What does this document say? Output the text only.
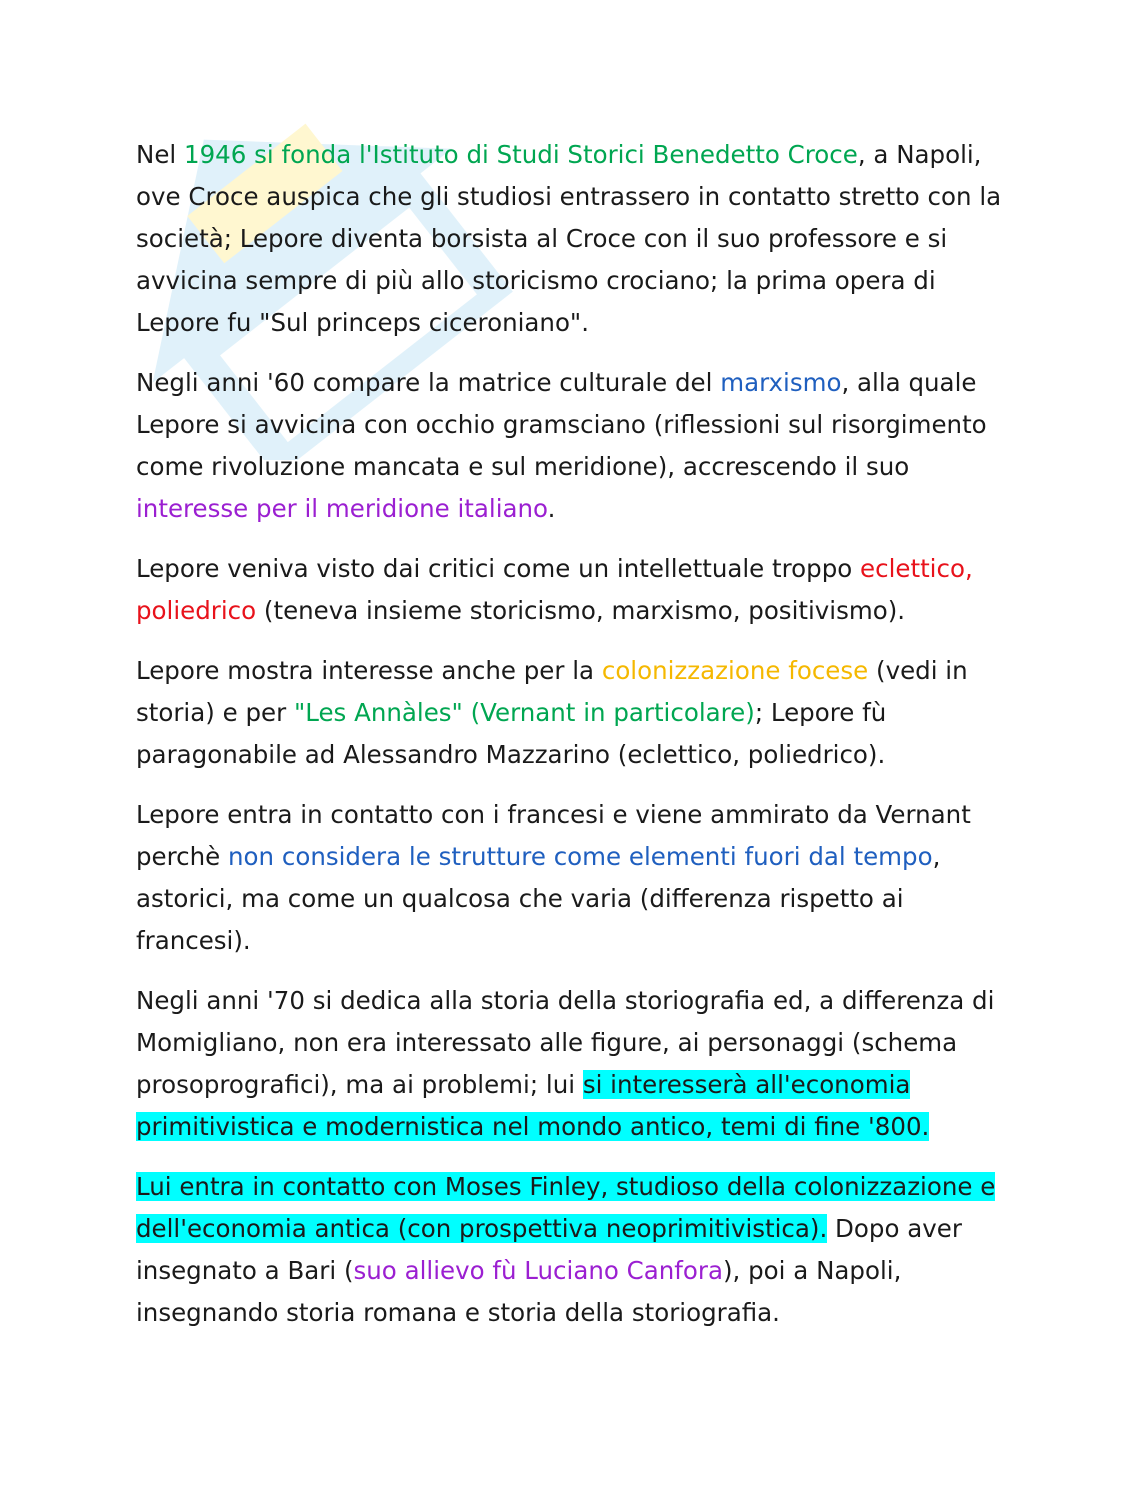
Nel 1946 si fonda l'Istituto di Studi Storici Benedetto Croce, a Napoli, ove Croce auspica che gli studiosi entrassero in contatto stretto con la società; Lepore diventa borsista al Croce con il suo professore e si avvicina sempre di più allo storicismo crociano; la prima opera di Lepore fu "Sul princeps ciceroniano".

Negli anni '60 compare la matrice culturale del marxismo, alla quale Lepore si avvicina con occhio gramsciano (riflessioni sul risorgimento come rivoluzione mancata e sul meridione), accrescendo il suo interesse per il meridione italiano.

Lepore veniva visto dai critici come un intellettuale troppo eclettico, poliedrico (teneva insieme storicismo, marxismo, positivismo).

Lepore mostra interesse anche per la colonizzazione focese (vedi in storia) e per "Les Annàles" (Vernant in particolare); Lepore fù paragonabile ad Alessandro Mazzarino (eclettico, poliedrico).

Lepore entra in contatto con i francesi e viene ammirato da Vernant perchè non considera le strutture come elementi fuori dal tempo, astorici, ma come un qualcosa che varia (differenza rispetto ai francesi).

Negli anni '70 si dedica alla storia della storiografia ed, a differenza di Momigliano, non era interessato alle figure, ai personaggi (schema prosoprografici), ma ai problemi; lui si interesserà all'economia primitivistica e modernistica nel mondo antico, temi di fine '800.

Lui entra in contatto con Moses Finley, studioso della colonizzazione e dell'economia antica (con prospettiva neoprimitivistica). Dopo aver insegnato a Bari (suo allievo fù Luciano Canfora), poi a Napoli, insegnando storia romana e storia della storiografia.
